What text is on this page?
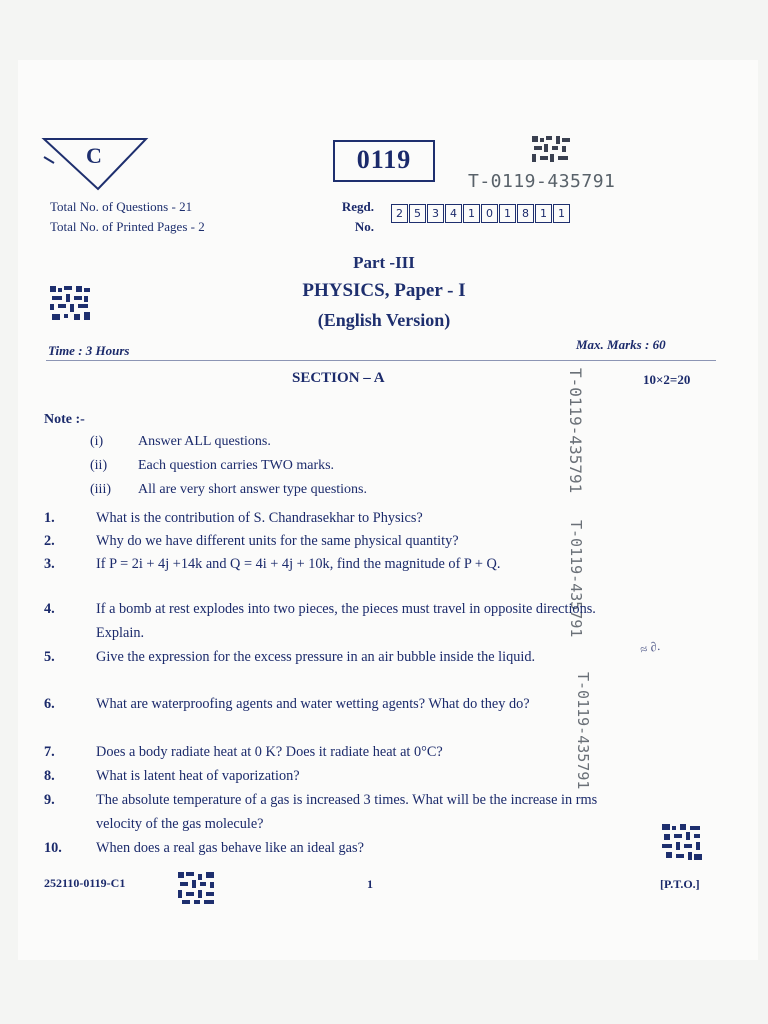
C
Total No. of Questions - 21
Total No. of Printed Pages - 2
0119
T-0119-435791
Regd.
No.
2	5	3	4	1	0	1	8	1	1
Part -III
PHYSICS, Paper - I
(English Version)
Time : 3 Hours	Max. Marks : 60
SECTION – A	10×2=20
T-0119-435791
T-0119-435791
T-0119-435791
Note :-
(i) Answer ALL questions.
(ii) Each question carries TWO marks.
(iii) All are very short answer type questions.
1.	What is the contribution of S. Chandrasekhar to Physics?
2.	Why do we have different units for the same physical quantity?
3.	If P = 2i + 4j +14k and Q = 4i + 4j + 10k, find the magnitude of P + Q.
4.	If a bomb at rest explodes into two pieces, the pieces must travel in opposite directions. Explain.
5.	Give the expression for the excess pressure in an air bubble inside the liquid.
6.	What are waterproofing agents and water wetting agents? What do they do?
7.	Does a body radiate heat at 0 K? Does it radiate heat at 0°C?
8.	What is latent heat of vaporization?
9.	The absolute temperature of a gas is increased 3 times. What will be the increase in rms velocity of the gas molecule?
10. When does a real gas behave like an ideal gas?
≈ ∂.
252110-0119-C1	1	[P.T.O.]
